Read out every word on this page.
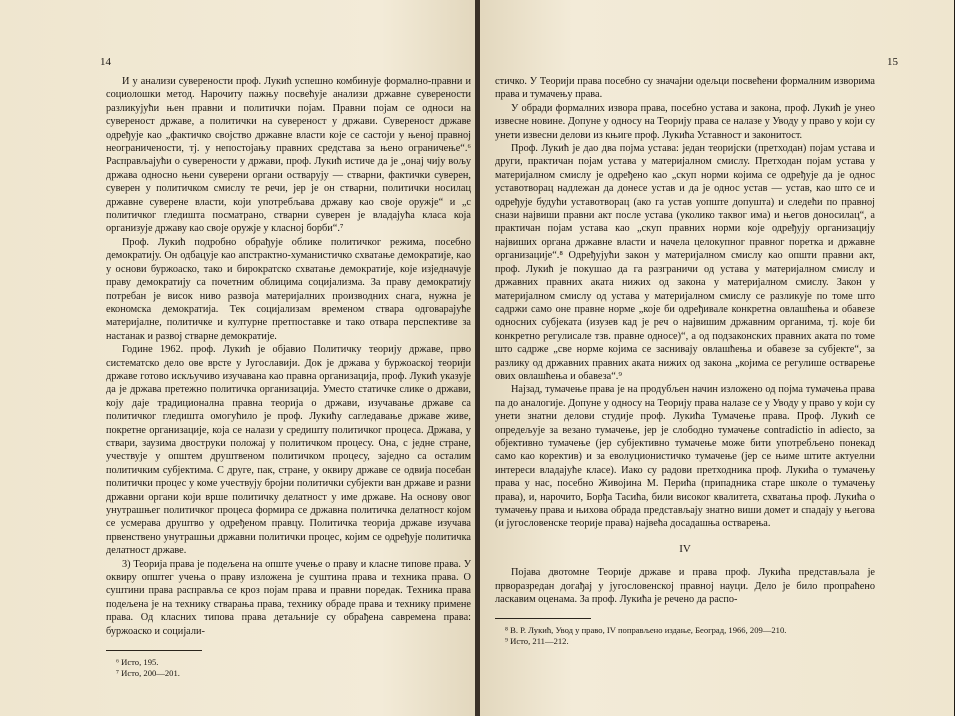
14

И у анализи суверености проф. Лукић успешно комбинује формално-правни и социолошки метод. Нарочиту пажњу посвећује анализи државне суверености разликујући њен правни и политички појам. Правни појам се односи на сувереност државе, а политички на сувереност у држави. Сувереност државе одређује као „фактичко својство државне власти које се састоји у њеној правној неограничености, тј. у непостојању правних средстава за њено ограничење“.⁶ Расправљајући о суверености у држави, проф. Лукић истиче да је „онај чију вољу држава односно њени суверени органи остварују — стварни, фактички суверен, суверен у политичком смислу те речи, јер је он стварни, политички носилац државне суверене власти, који употребљава државу као своје оружје“ и „с политичког гледишта посматрано, стварни суверен је владајућа класа која организује државу као своје оружје у класној борби“.⁷

Проф. Лукић подробно обрађује облике политичког режима, посебно демократију. Он одбацује као апстрактно-хуманистичко схватање демократије, као у основи буржоаско, тако и бирократско схватање демократије, које изједначује праву демократију са почетним облицима социјализма. За праву демократију потребан је висок ниво развоја материјалних производних снага, нужна је економска демократија. Тек социјализам временом ствара одговарајуће материјалне, политичке и културне претпоставке и тако отвара перспективе за настанак и развој стварне демократије.

Године 1962. проф. Лукић је објавио Политичку теорију државе, прво систематско дело ове врсте у Југославији. Док је држава у буржоаској теорији државе готово искључиво изучавана као правна организација, проф. Лукић указује да је држава претежно политичка организација. Уместо статичке слике о држави, коју даје традиционална правна теорија о држави, изучавање државе са политичког гледишта омогућило је проф. Лукићу сагледавање државе живе, покретне организације, која се налази у средишту политичког процеса. Држава, у ствари, заузима двоструки положај у политичком процесу. Она, с једне стране, учествује у општем друштвеном политичком процесу, заједно са осталим политичким субјектима. С друге, пак, стране, у оквиру државе се одвија посебан политички процес у коме учествују бројни политички субјекти ван државе и разни државни органи који врше политичку делатност у име државе. На основу овог унутрашњег политичког процеса формира се државна политичка делатност којом се усмерава друштво у одређеном правцу. Политичка теорија државе изучава првенствено унутрашњи државни политички процес, којим се одређује политичка делатност државе.

3) Теорија права је подељена на опште учење о праву и класне типове права. У оквиру општег учења о праву изложена је суштина права и техника права. О суштини права расправља се кроз појам права и правни поредак. Техника права подељена је на технику стварања права, технику обраде права и технику примене права. Од класних типова права детаљније су обрађена савремена права: буржоаско и социјали-

⁶ Исто, 195.
⁷ Исто, 200—201.
15

стичко. У Теорији права посебно су значајни одељци посвећени формалним изворима права и тумачењу права.

У обради формалних извора права, посебно устава и закона, проф. Лукић је унео извесне новине. Допуне у односу на Теорију права се налазе у Уводу у право у који су унети извесни делови из књиге проф. Лукића Уставност и законитост.

Проф. Лукић је дао два појма устава: један теоријски (претходан) појам устава и други, практичан појам устава у материјалном смислу. Претходан појам устава у материјалном смислу је одређено као „скуп норми којима се одређује да је однос уставотворац надлежан да донесе устав и да је однос устав — устав, као што се и одређује будући уставотворац (ако га устав уопште допушта) и следећи по правној снази највиши правни акт после устава (уколико таквог има) и његов доносилац“, а практичан појам устава као „скуп правних норми које одређују организацију највиших органа државне власти и начела целокупног правног поретка и државне организације“.⁸ Одређујући закон у материјалном смислу као општи правни акт, проф. Лукић је покушао да га разграничи од устава у материјалном смислу и државних правних аката нижих од закона у материјалном смислу. Закон у материјалном смислу од устава у материјалном смислу се разликује по томе што садржи само оне правне норме „које би одређивале конкретна овлашћења и обавезе односних субјеката (изузев кад је реч о највишим државним органима, тј. које би конкретно регулисале тзв. правне односе)“, а од подзаконских правних аката по томе што садрже „све норме којима се заснивају овлашћења и обавезе за субјекте“, за разлику од државних правних аката нижих од закона „којима се регулише остварење ових овлашћења и обавеза“.⁹

Најзад, тумачење права је на продубљен начин изложено од појма тумачења права па до аналогије. Допуне у односу на Теорију права налазе се у Уводу у право у који су унети знатни делови студије проф. Лукића Тумачење права. Проф. Лукић се опредељује за везано тумачење, јер је слободно тумачење contradictio in adiecto, за објективно тумачење (јер субјективно тумачење може бити употребљено понекад само као коректив) и за еволуционистичко тумачење (јер се њиме штите актуелни интереси владајуће класе). Иако су радови претходника проф. Лукића о тумачењу права у нас, посебно Живојина М. Перића (припадника старе школе о тумачењу права), и, нарочито, Борђа Тасића, били високог квалитета, схватања проф. Лукића о тумачењу права и њихова обрада представљају знатно виши домет и спадају у његова (и југословенске теорије права) највећа досадашња остварења.

IV

Појава двотомне Теорије државе и права проф. Лукића представљала је прворазредан догађај у југословенској правној науци. Дело је било пропраћено ласкавим оценама. За проф. Лукића је речено да распо-

⁸ В. Р. Лукић, Увод у право, IV поправљено издање, Београд, 1966, 209—210.
⁹ Исто, 211—212.
